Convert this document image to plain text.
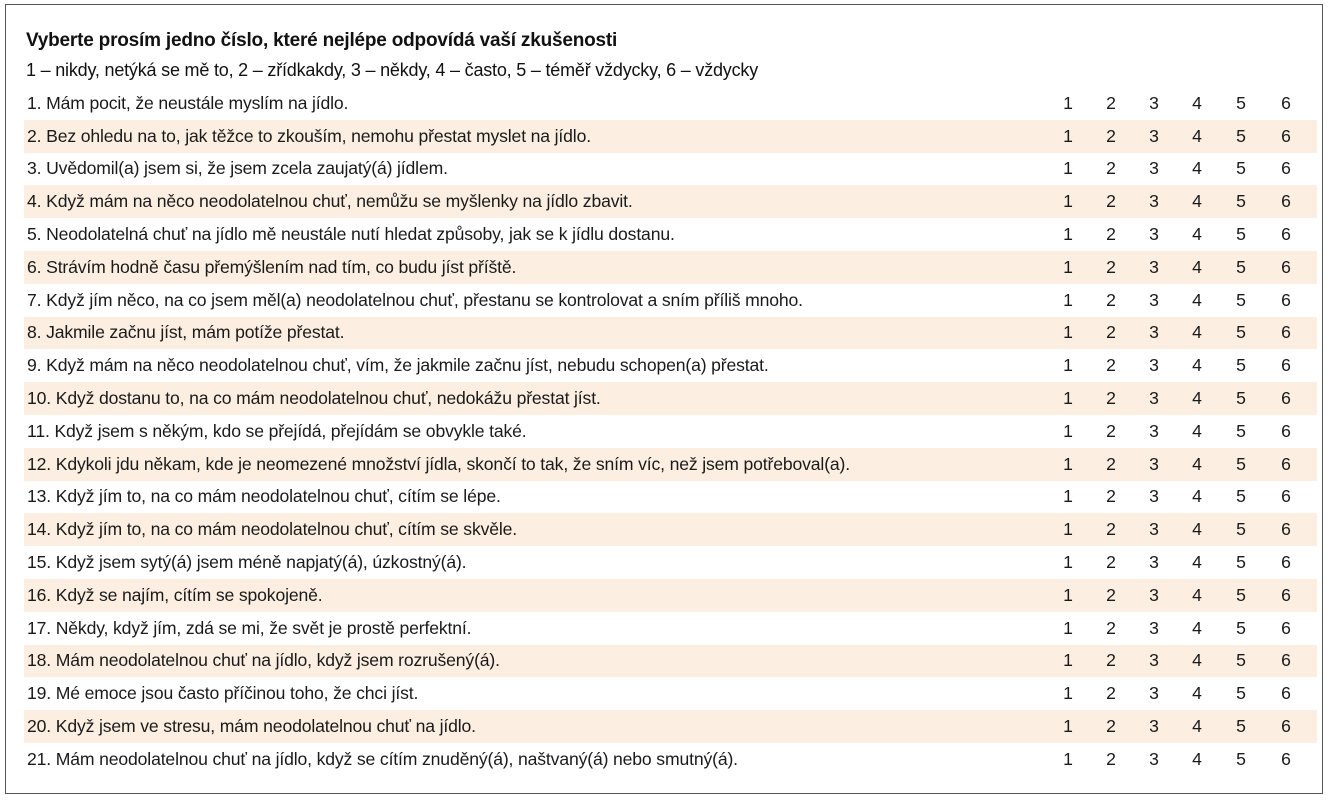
Vyberte prosím jedno číslo, které nejlépe odpovídá vaší zkušenosti
1 – nikdy, netýká se mě to, 2 – zřídkakdy, 3 – někdy, 4 – často, 5 – téměř vždycky, 6 – vždycky
1. Mám pocit, že neustále myslím na jídlo.	1	2	3	4	5	6
2. Bez ohledu na to, jak těžce to zkouším, nemohu přestat myslet na jídlo.	1	2	3	4	5	6
3. Uvědomil(a) jsem si, že jsem zcela zaujatý(á) jídlem.	1	2	3	4	5	6
4. Když mám na něco neodolatelnou chuť, nemůžu se myšlenky na jídlo zbavit.	1	2	3	4	5	6
5. Neodolatelná chuť na jídlo mě neustále nutí hledat způsoby, jak se k jídlu dostanu.	1	2	3	4	5	6
6. Strávím hodně času přemýšlením nad tím, co budu jíst příště.	1	2	3	4	5	6
7. Když jím něco, na co jsem měl(a) neodolatelnou chuť, přestanu se kontrolovat a sním příliš mnoho.	1	2	3	4	5	6
8. Jakmile začnu jíst, mám potíže přestat.	1	2	3	4	5	6
9. Když mám na něco neodolatelnou chuť, vím, že jakmile začnu jíst, nebudu schopen(a) přestat.	1	2	3	4	5	6
10. Když dostanu to, na co mám neodolatelnou chuť, nedokážu přestat jíst.	1	2	3	4	5	6
11. Když jsem s někým, kdo se přejídá, přejídám se obvykle také.	1	2	3	4	5	6
12. Kdykoli jdu někam, kde je neomezené množství jídla, skončí to tak, že sním víc, než jsem potřeboval(a).	1	2	3	4	5	6
13. Když jím to, na co mám neodolatelnou chuť, cítím se lépe.	1	2	3	4	5	6
14. Když jím to, na co mám neodolatelnou chuť, cítím se skvěle.	1	2	3	4	5	6
15. Když jsem sytý(á) jsem méně napjatý(á), úzkostný(á).	1	2	3	4	5	6
16. Když se najím, cítím se spokojeně.	1	2	3	4	5	6
17. Někdy, když jím, zdá se mi, že svět je prostě perfektní.	1	2	3	4	5	6
18. Mám neodolatelnou chuť na jídlo, když jsem rozrušený(á).	1	2	3	4	5	6
19. Mé emoce jsou často příčinou toho, že chci jíst.	1	2	3	4	5	6
20. Když jsem ve stresu, mám neodolatelnou chuť na jídlo.	1	2	3	4	5	6
21. Mám neodolatelnou chuť na jídlo, když se cítím znuděný(á), naštvaný(á) nebo smutný(á).	1	2	3	4	5	6
